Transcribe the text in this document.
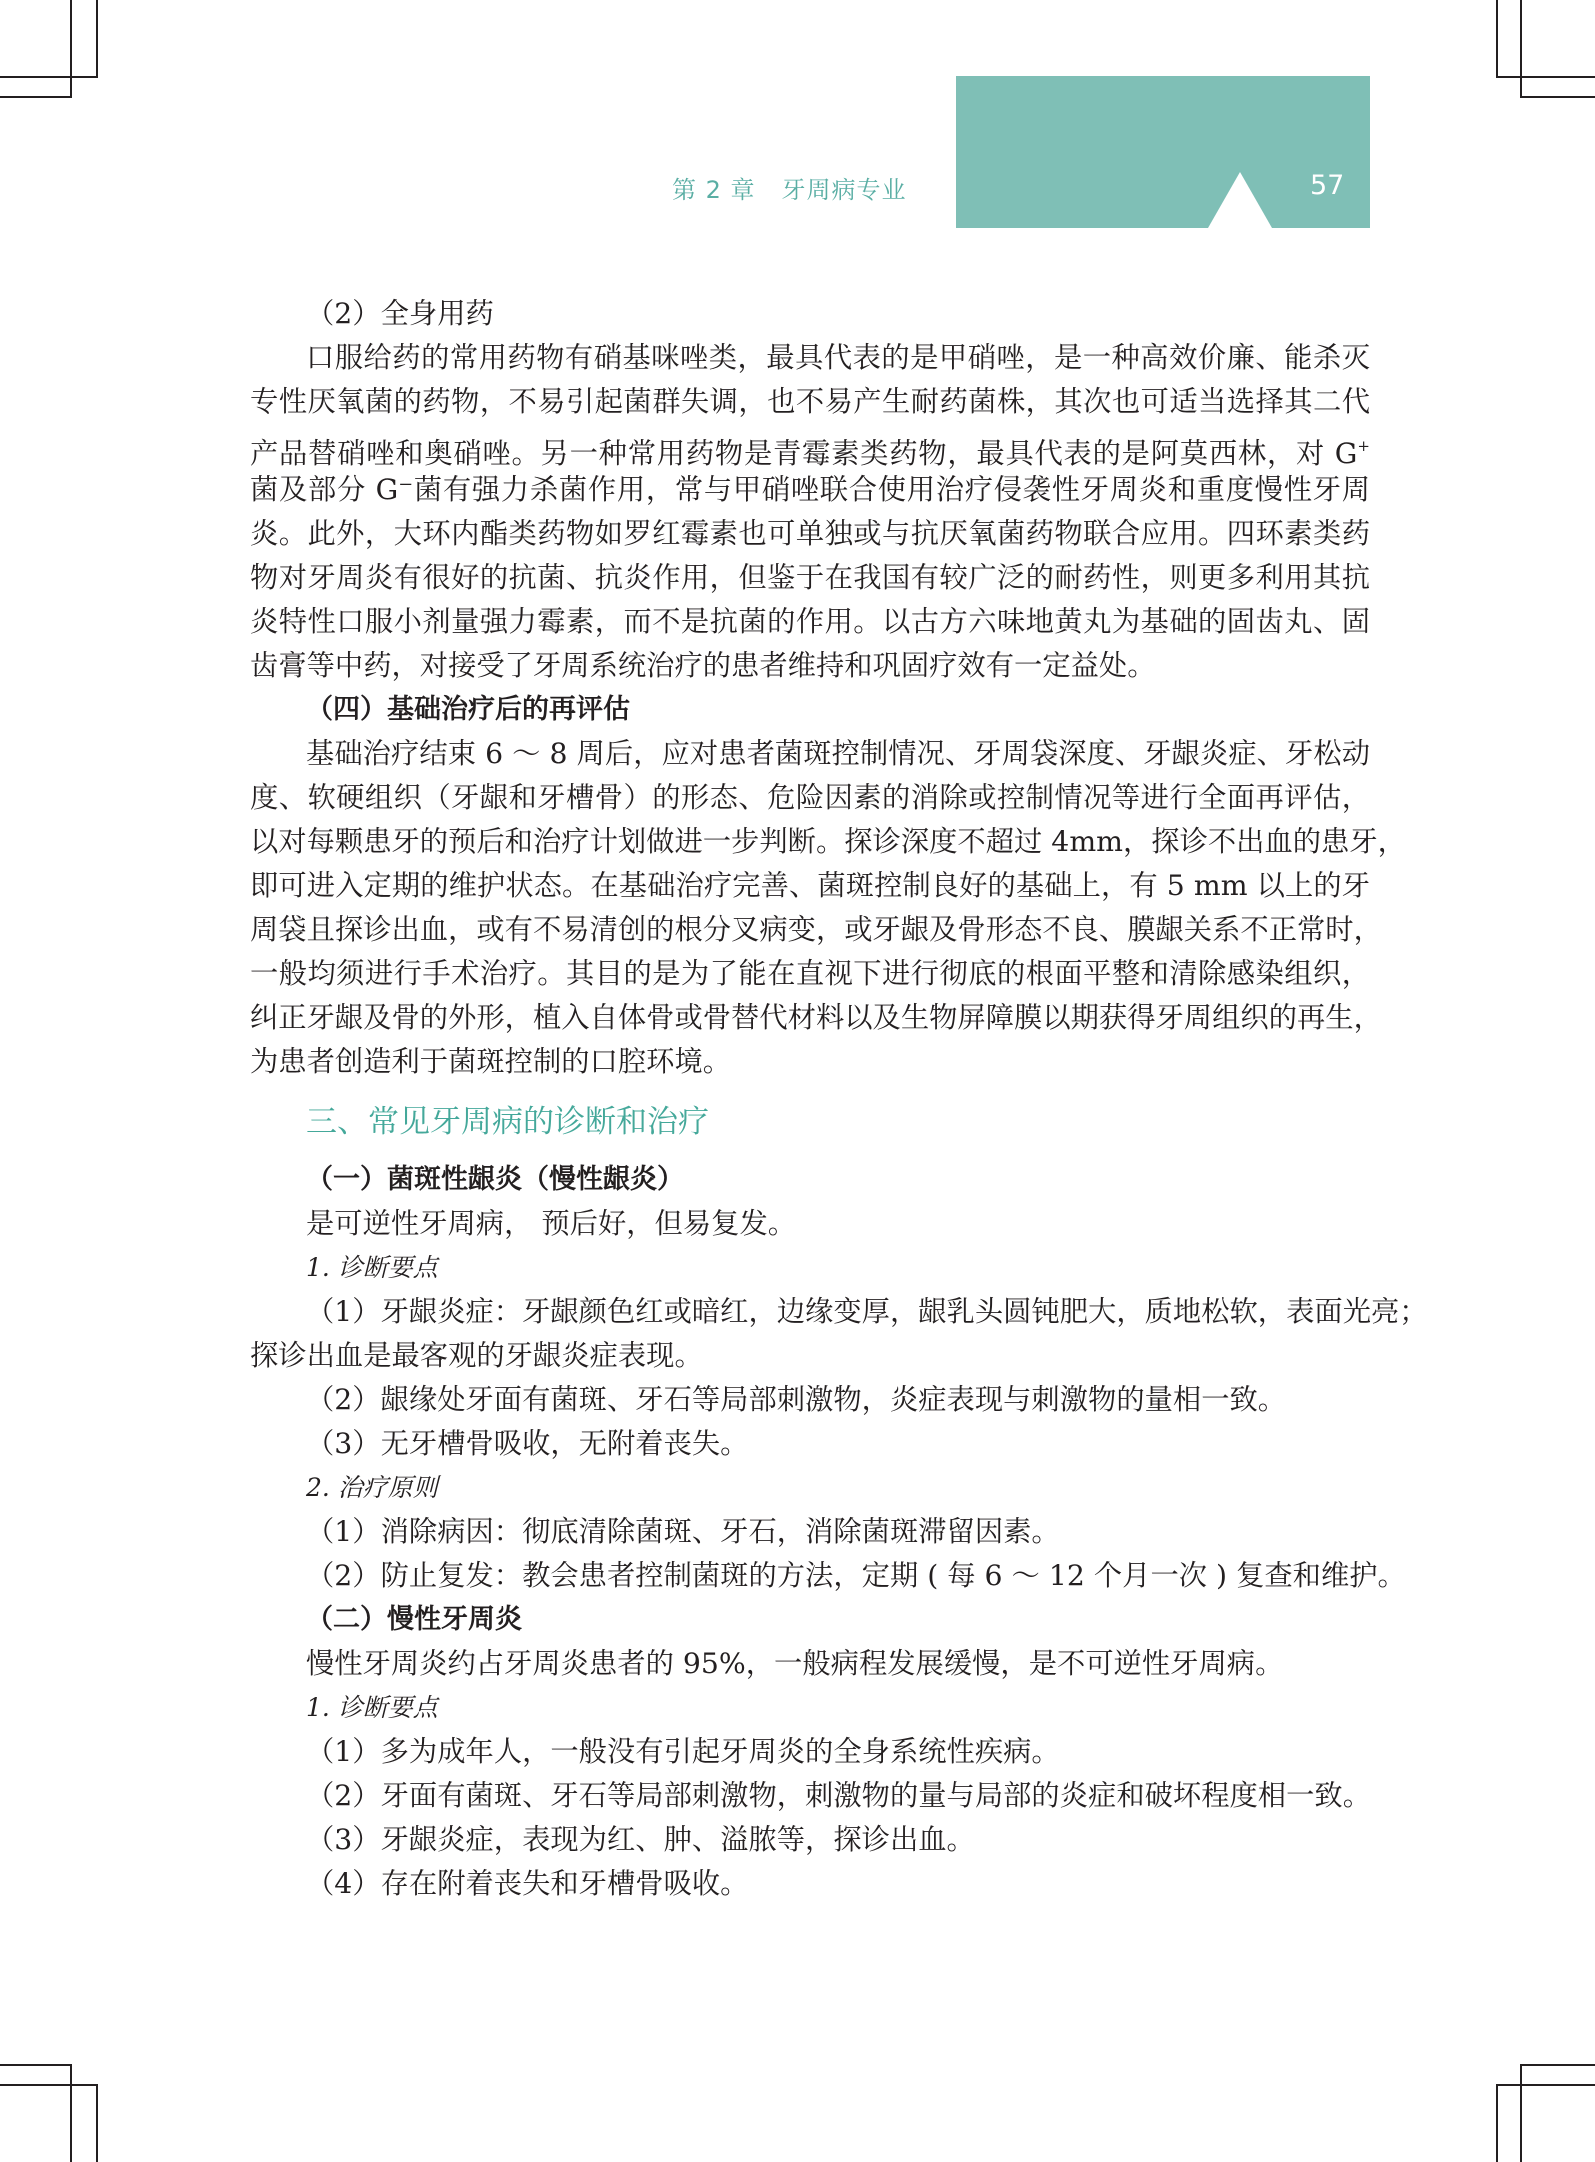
57
第 2 章 牙周病专业
（2）全身用药
口服给药的常用药物有硝基咪唑类，最具代表的是甲硝唑，是一种高效价廉、能杀灭
专性厌氧菌的药物，不易引起菌群失调，也不易产生耐药菌株，其次也可适当选择其二代
产品替硝唑和奥硝唑。另一种常用药物是青霉素类药物，最具代表的是阿莫西林，对 G+
菌及部分 G⁻菌有强力杀菌作用，常与甲硝唑联合使用治疗侵袭性牙周炎和重度慢性牙周
炎。此外，大环内酯类药物如罗红霉素也可单独或与抗厌氧菌药物联合应用。四环素类药
物对牙周炎有很好的抗菌、抗炎作用，但鉴于在我国有较广泛的耐药性，则更多利用其抗
炎特性口服小剂量强力霉素，而不是抗菌的作用。以古方六味地黄丸为基础的固齿丸、固
齿膏等中药，对接受了牙周系统治疗的患者维持和巩固疗效有一定益处。
（四）基础治疗后的再评估
基础治疗结束 6 ～ 8 周后，应对患者菌斑控制情况、牙周袋深度、牙龈炎症、牙松动
度、软硬组织（牙龈和牙槽骨）的形态、危险因素的消除或控制情况等进行全面再评估，
以对每颗患牙的预后和治疗计划做进一步判断。探诊深度不超过 4mm，探诊不出血的患牙，
即可进入定期的维护状态。在基础治疗完善、菌斑控制良好的基础上，有 5 mm 以上的牙
周袋且探诊出血，或有不易清创的根分叉病变，或牙龈及骨形态不良、膜龈关系不正常时，
一般均须进行手术治疗。其目的是为了能在直视下进行彻底的根面平整和清除感染组织，
纠正牙龈及骨的外形，植入自体骨或骨替代材料以及生物屏障膜以期获得牙周组织的再生，
为患者创造利于菌斑控制的口腔环境。
三、常见牙周病的诊断和治疗
（一）菌斑性龈炎（慢性龈炎）
是可逆性牙周病， 预后好，但易复发。
1. 诊断要点
（1）牙龈炎症：牙龈颜色红或暗红，边缘变厚，龈乳头圆钝肥大，质地松软，表面光亮；
探诊出血是最客观的牙龈炎症表现。
（2）龈缘处牙面有菌斑、牙石等局部刺激物，炎症表现与刺激物的量相一致。
（3）无牙槽骨吸收，无附着丧失。
2. 治疗原则
（1）消除病因：彻底清除菌斑、牙石，消除菌斑滞留因素。
（2）防止复发：教会患者控制菌斑的方法，定期 ( 每 6 ～ 12 个月一次 ) 复查和维护。
（二）慢性牙周炎
慢性牙周炎约占牙周炎患者的 95%，一般病程发展缓慢，是不可逆性牙周病。
1. 诊断要点
（1）多为成年人，一般没有引起牙周炎的全身系统性疾病。
（2）牙面有菌斑、牙石等局部刺激物，刺激物的量与局部的炎症和破坏程度相一致。
（3）牙龈炎症，表现为红、肿、溢脓等，探诊出血。
（4）存在附着丧失和牙槽骨吸收。
